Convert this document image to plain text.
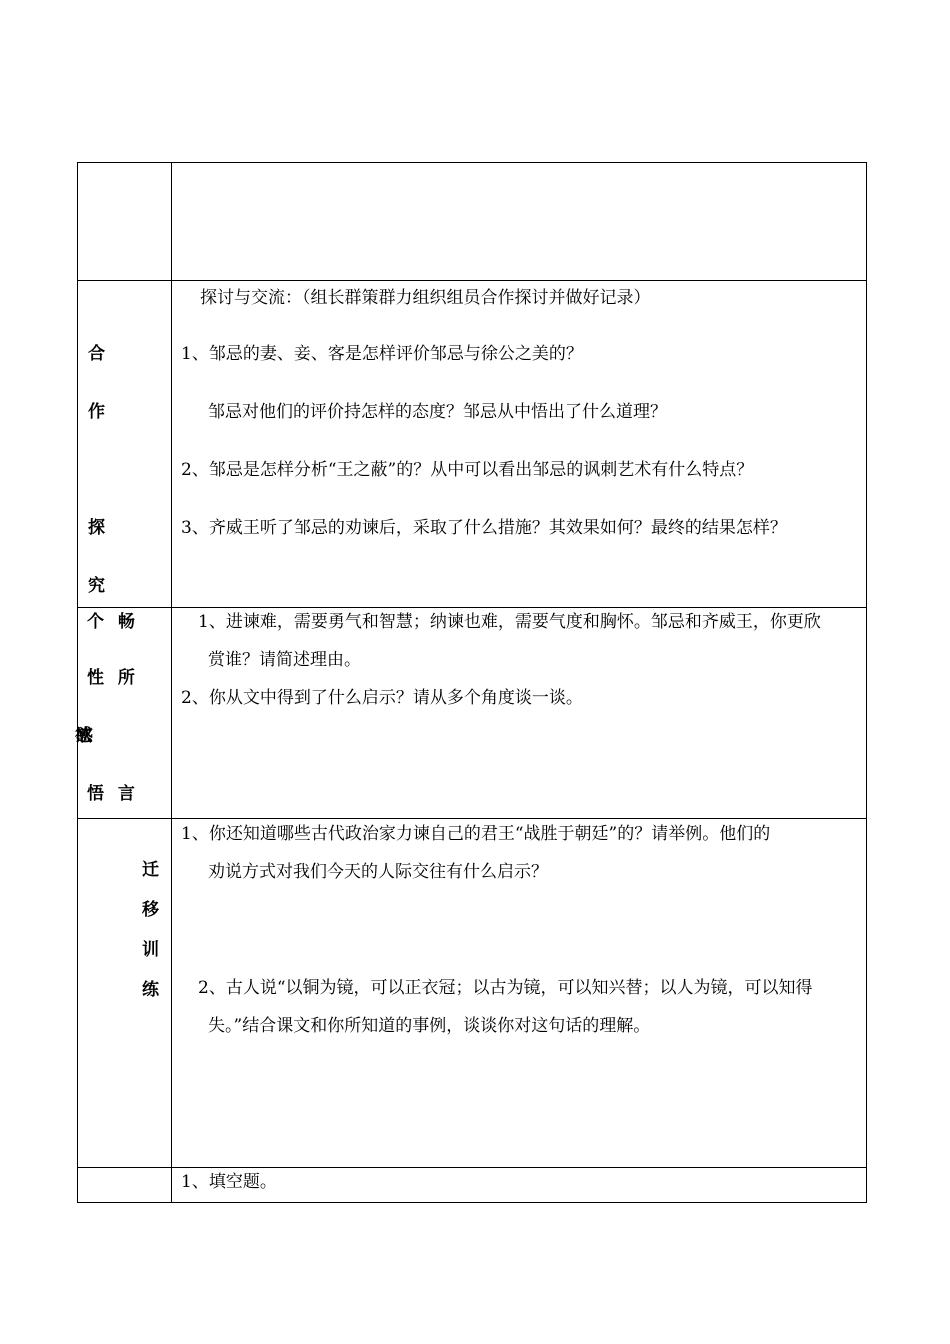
合
作
探
究
探讨与交流：（组长群策群力组织组员合作探讨并做好记录）
1、邹忌的妻、妾、客是怎样评价邹忌与徐公之美的？
邹忌对他们的评价持怎样的态度？邹忌从中悟出了什么道理？
2、邹忌是怎样分析“王之蔽”的？从中可以看出邹忌的讽刺艺术有什么特点？
3、齐威王听了邹忌的劝谏后，采取了什么措施？其效果如何？最终的结果怎样？
个 畅
性 所
感 欲
悟 言
1、进谏难，需要勇气和智慧；纳谏也难，需要气度和胸怀。邹忌和齐威王，你更欣
赏谁？请简述理由。
2、你从文中得到了什么启示？请从多个角度谈一谈。
迁
移
训
练
1、你还知道哪些古代政治家力谏自己的君王“战胜于朝廷”的？请举例。他们的
劝说方式对我们今天的人际交往有什么启示？
2、古人说“以铜为镜，可以正衣冠；以古为镜，可以知兴替；以人为镜，可以知得
失。”结合课文和你所知道的事例，谈谈你对这句话的理解。
1、填空题。
